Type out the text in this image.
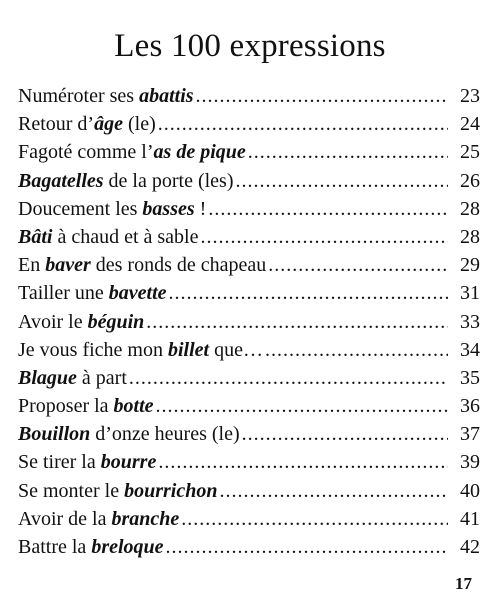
Les 100 expressions
Numéroter ses abattis .....	23
Retour d’âge (le) .....	24
Fagoté comme l’as de pique .....	25
Bagatelles de la porte (les) .....	26
Doucement les basses ! .....	28
Bâti à chaud et à sable .....	28
En baver des ronds de chapeau .....	29
Tailler une bavette .....	31
Avoir le béguin .....	33
Je vous fiche mon billet que… .....	34
Blague à part .....	35
Proposer la botte .....	36
Bouillon d’onze heures (le) .....	37
Se tirer la bourre .....	39
Se monter le bourrichon .....	40
Avoir de la branche .....	41
Battre la breloque .....	42
17
